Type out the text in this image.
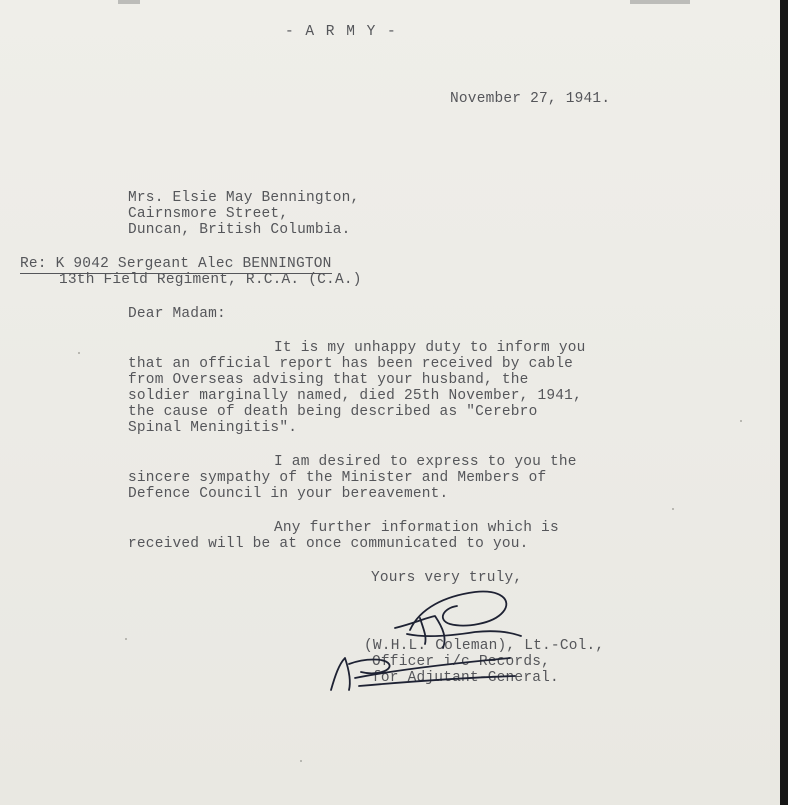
- A R M Y -
November 27, 1941.
Mrs. Elsie May Bennington,
Cairnsmore Street,
Duncan, British Columbia.
Re: K 9042 Sergeant Alec BENNINGTON
13th Field Regiment, R.C.A. (C.A.)
Dear Madam:
It is my unhappy duty to inform you
that an official report has been received by cable
from Overseas advising that your husband, the
soldier marginally named, died 25th November, 1941,
the cause of death being described as "Cerebro
Spinal Meningitis".
I am desired to express to you the
sincere sympathy of the Minister and Members of
Defence Council in your bereavement.
Any further information which is
received will be at once communicated to you.
Yours very truly,
(W.H.L. Coleman), Lt.-Col.,
Officer i/c Records,
for Adjutant-General.
